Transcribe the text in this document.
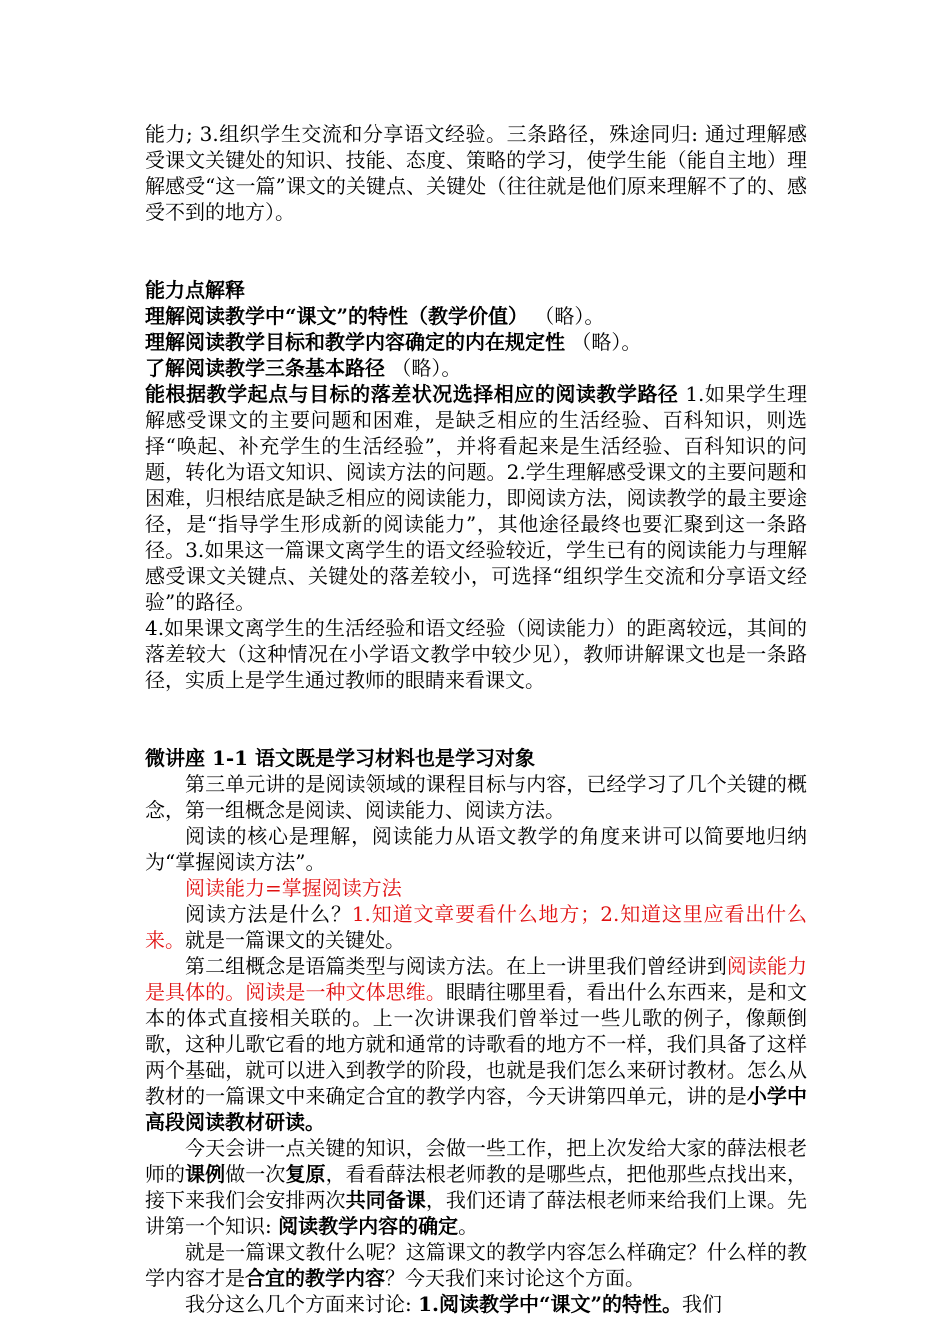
能力; 3.组织学生交流和分享语文经验。三条路径，殊途同归: 通过理解感受课文关键处的知识、技能、态度、策略的学习，使学生能（能自主地）理解感受“这一篇”课文的关键点、关键处（往往就是他们原来理解不了的、感受不到的地方）。

能力点解释

理解阅读教学中“课文”的特性（教学价值） （略）。

理解阅读教学目标和教学内容确定的内在规定性 （略）。

了解阅读教学三条基本路径 （略）。

能根据教学起点与目标的落差状况选择相应的阅读教学路径 1.如果学生理解感受课文的主要问题和困难，是缺乏相应的生活经验、百科知识，则选择“唤起、补充学生的生活经验”，并将看起来是生活经验、百科知识的问题，转化为语文知识、阅读方法的问题。2.学生理解感受课文的主要问题和困难，归根结底是缺乏相应的阅读能力，即阅读方法，阅读教学的最主要途径，是“指导学生形成新的阅读能力”，其他途径最终也要汇聚到这一条路径。3.如果这一篇课文离学生的语文经验较近，学生已有的阅读能力与理解感受课文关键点、关键处的落差较小，可选择“组织学生交流和分享语文经验”的路径。

4.如果课文离学生的生活经验和语文经验（阅读能力）的距离较远，其间的落差较大（这种情况在小学语文教学中较少见），教师讲解课文也是一条路径，实质上是学生通过教师的眼睛来看课文。

微讲座 1-1 语文既是学习材料也是学习对象

第三单元讲的是阅读领域的课程目标与内容，已经学习了几个关键的概念，第一组概念是阅读、阅读能力、阅读方法。

阅读的核心是理解，阅读能力从语文教学的角度来讲可以简要地归纳为“掌握阅读方法”。

阅读能力=掌握阅读方法

阅读方法是什么？1.知道文章要看什么地方；2.知道这里应看出什么来。就是一篇课文的关键处。

第二组概念是语篇类型与阅读方法。在上一讲里我们曾经讲到阅读能力是具体的。阅读是一种文体思维。眼睛往哪里看，看出什么东西来，是和文本的体式直接相关联的。上一次讲课我们曾举过一些儿歌的例子，像颠倒歌，这种儿歌它看的地方就和通常的诗歌看的地方不一样，我们具备了这样两个基础，就可以进入到教学的阶段，也就是我们怎么来研讨教材。怎么从教材的一篇课文中来确定合宜的教学内容，今天讲第四单元，讲的是小学中高段阅读教材研读。

今天会讲一点关键的知识，会做一些工作，把上次发给大家的薛法根老师的课例做一次复原，看看薛法根老师教的是哪些点，把他那些点找出来，接下来我们会安排两次共同备课，我们还请了薛法根老师来给我们上课。先讲第一个知识: 阅读教学内容的确定。

就是一篇课文教什么呢？这篇课文的教学内容怎么样确定？什么样的教学内容才是合宜的教学内容？今天我们来讨论这个方面。

我分这么几个方面来讨论: 1.阅读教学中“课文”的特性。我们
